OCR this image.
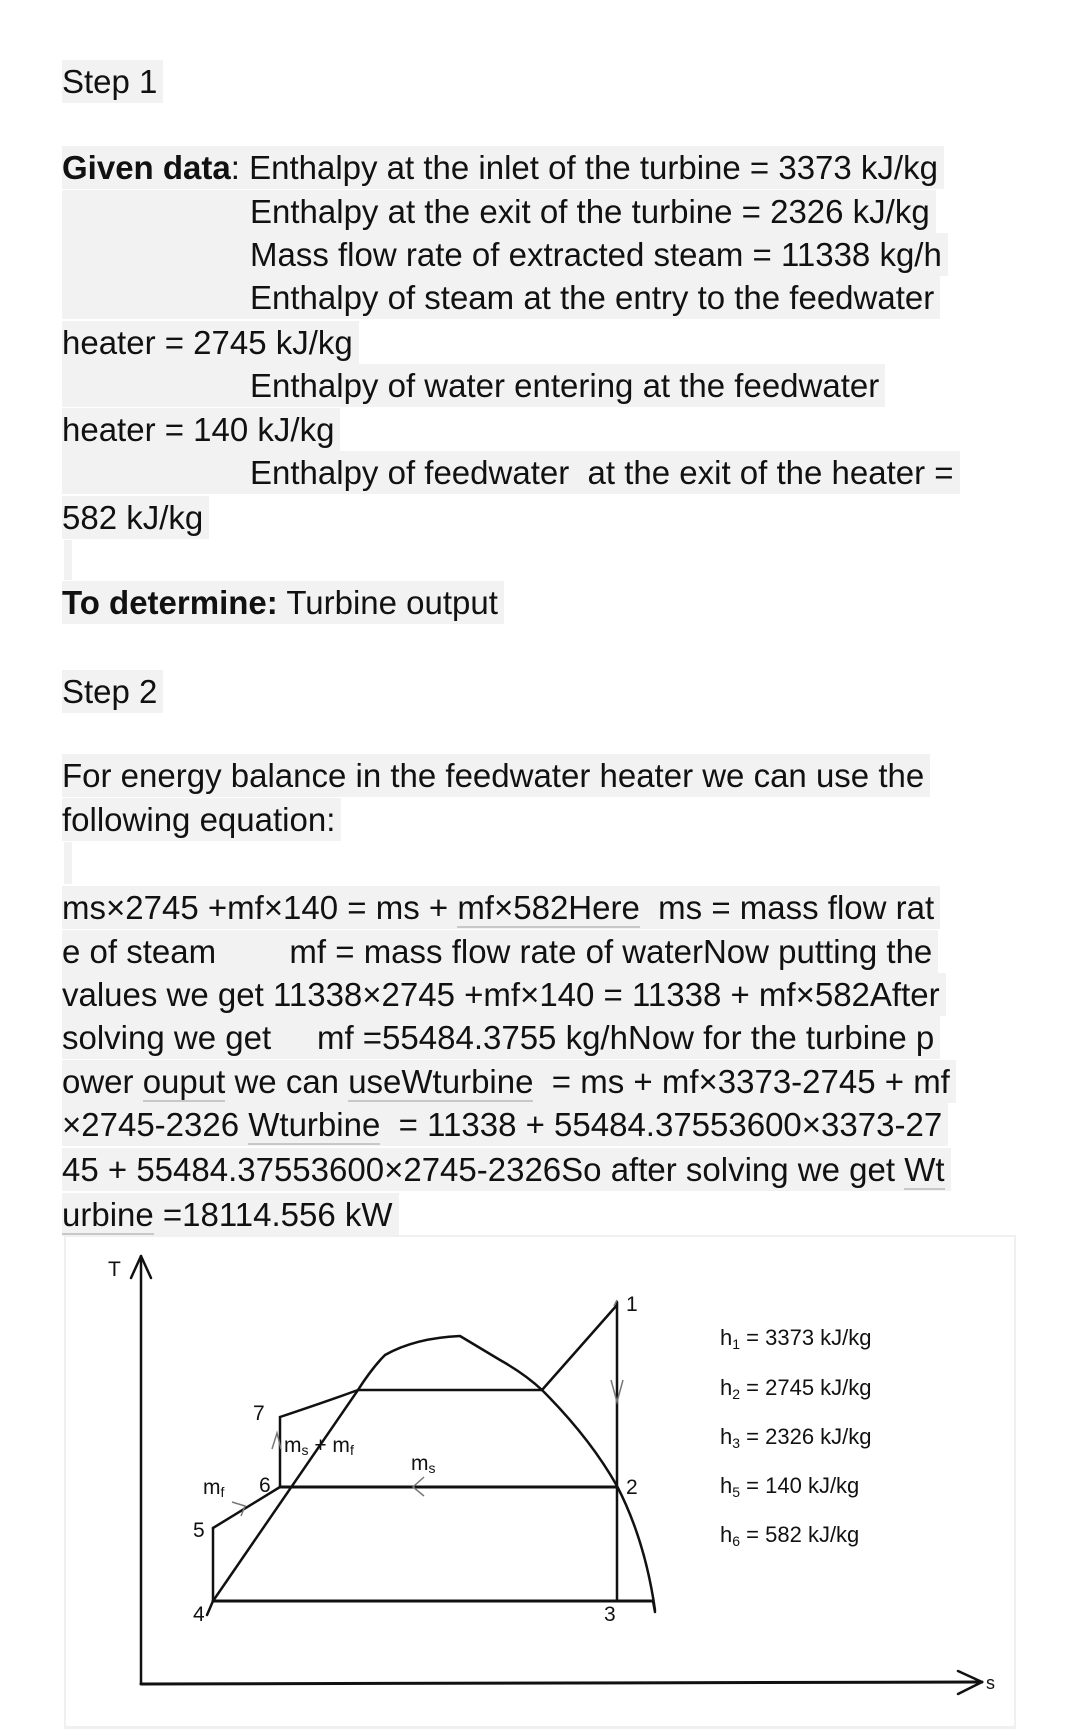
Step 1
Given data: Enthalpy at the inlet of the turbine = 3373 kJ/kg
Enthalpy at the exit of the turbine = 2326 kJ/kg
Mass flow rate of extracted steam = 11338 kg/h
Enthalpy of steam at the entry to the feedwater
heater = 2745 kJ/kg
Enthalpy of water entering at the feedwater
heater = 140 kJ/kg
Enthalpy of feedwater  at the exit of the heater =
582 kJ/kg
To determine: Turbine output
Step 2
For energy balance in the feedwater heater we can use the
following equation:
ms×2745 +mf×140 = ms + mf×582Here  ms = mass flow rat
e of steam        mf = mass flow rate of waterNow putting the
values we get 11338×2745 +mf×140 = 11338 + mf×582After
solving we get     mf =55484.3755 kg/hNow for the turbine p
ower ouput we can useWturbine  = ms + mf×3373-2745 + mf
×2745-2326 Wturbine  = 11338 + 55484.37553600×3373-27
45 + 55484.37553600×2745-2326So after solving we get Wt
urbine =18114.556 kW
T
s
1
2
3
4
5
6
7
mf
ms
ms + mf
h1 = 3373 kJ/kg
h2 = 2745 kJ/kg
h3 = 2326 kJ/kg
h5 = 140 kJ/kg
h6 = 582 kJ/kg
